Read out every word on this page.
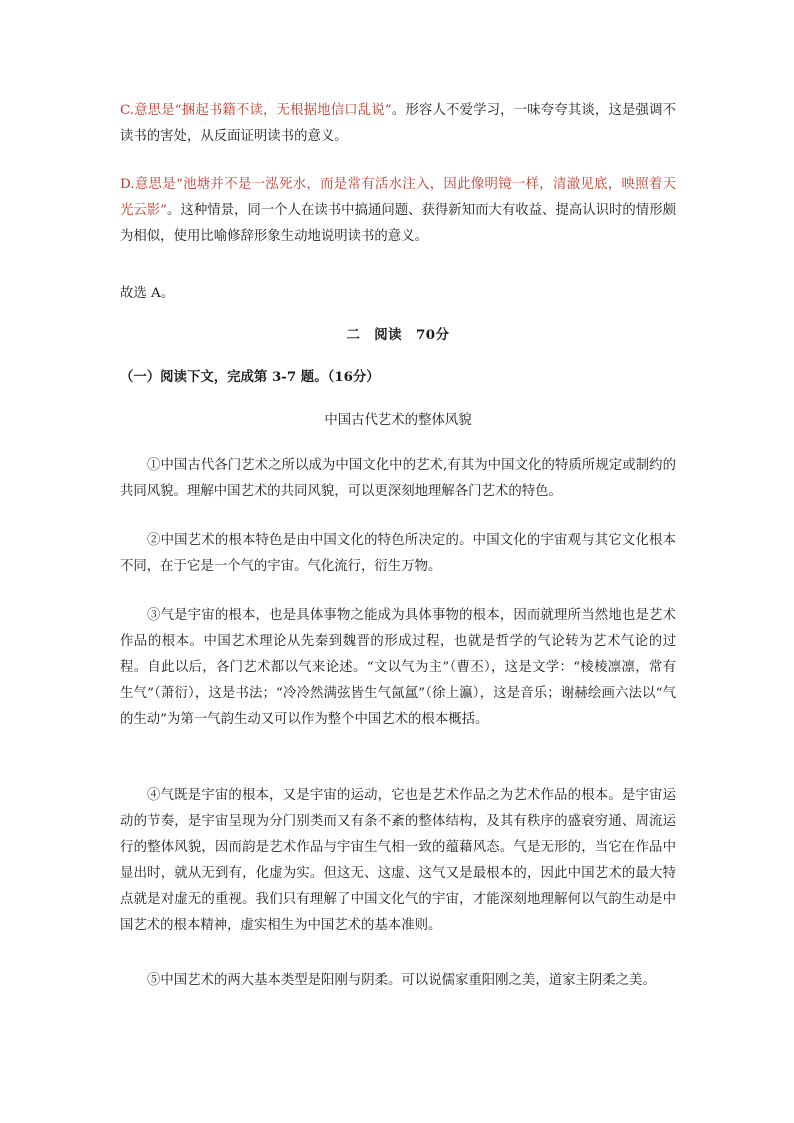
C.意思是“捆起书籍不读，无根据地信口乱说”。形容人不爱学习，一味夸夸其谈，这是强调不读书的害处，从反面证明读书的意义。

D.意思是“池塘并不是一泓死水，而是常有活水注入，因此像明镜一样，清澈见底，映照着天光云影”。这种情景，同一个人在读书中搞通问题、获得新知而大有收益、提高认识时的情形颇为相似，使用比喻修辞形象生动地说明读书的意义。

故选 A。

二　阅读　70分

（一）阅读下文，完成第 3-7 题。（16分）

中国古代艺术的整体风貌

①中国古代各门艺术之所以成为中国文化中的艺术,有其为中国文化的特质所规定或制约的共同风貌。理解中国艺术的共同风貌，可以更深刻地理解各门艺术的特色。

②中国艺术的根本特色是由中国文化的特色所决定的。中国文化的宇宙观与其它文化根本不同，在于它是一个气的宇宙。气化流行，衍生万物。

③气是宇宙的根本，也是具体事物之能成为具体事物的根本，因而就理所当然地也是艺术作品的根本。中国艺术理论从先秦到魏晋的形成过程，也就是哲学的气论转为艺术气论的过程。自此以后，各门艺术都以气来论述。“文以气为主”（曹丕），这是文学：“棱棱凛凛，常有生气”（萧衍），这是书法；“冷冷然满弦皆生气氤氲”（徐上瀛），这是音乐；谢赫绘画六法以“气的生动”为第一气韵生动又可以作为整个中国艺术的根本概括。

④气既是宇宙的根本，又是宇宙的运动，它也是艺术作品之为艺术作品的根本。是宇宙运动的节奏，是宇宙呈现为分门别类而又有条不紊的整体结构，及其有秩序的盛衰穷通、周流运行的整体风貌，因而韵是艺术作品与宇宙生气相一致的蕴藉风态。气是无形的，当它在作品中显出时，就从无到有，化虚为实。但这无、这虚、这气又是最根本的，因此中国艺术的最大特点就是对虚无的重视。我们只有理解了中国文化气的宇宙，才能深刻地理解何以气韵生动是中国艺术的根本精神，虚实相生为中国艺术的基本准则。

⑤中国艺术的两大基本类型是阳刚与阴柔。可以说儒家重阳刚之美，道家主阴柔之美。
